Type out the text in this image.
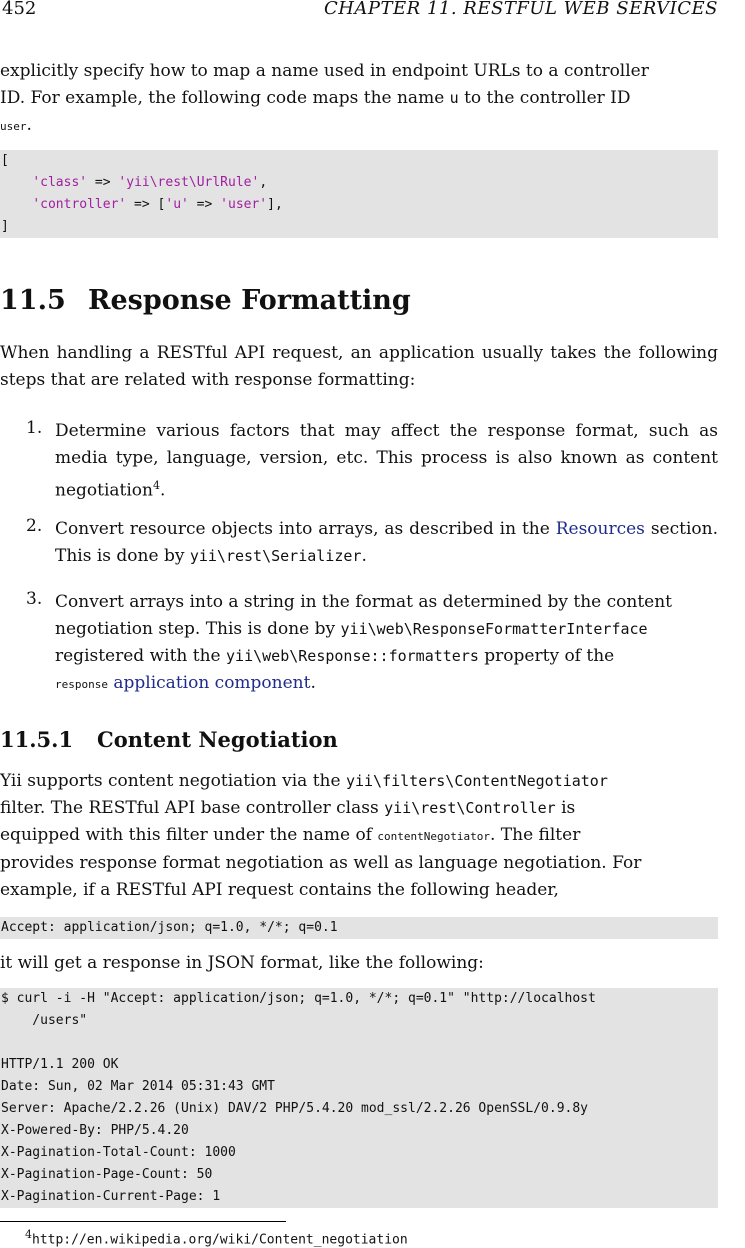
452	CHAPTER 11. RESTFUL WEB SERVICES

explicitly specify how to map a name used in endpoint URLs to a controller

ID. For example, the following code maps the name u to the controller ID

user.

[
'class' => 'yii\rest\UrlRule',
'controller' => ['u' => 'user'],
]
11.5 Response Formatting
When handling a RESTful API request, an application usually takes the following steps that are related with response formatting:
1. Determine various factors that may affect the response format, such as media type, language, version, etc. This process is also known as content negotiation$^4$.
2. Convert resource objects into arrays, as described in the Resources section. This is done by yii\rest\Serializer.
3. Convert arrays into a string in the format as determined by the content
negotiation step. This is done by yii\web\ResponseFormatterInterface
registered with the yii\web\Response::formatters property of the
response application component.
11.5.1 Content Negotiation

Yii supports content negotiation via the yii\filters\ContentNegotiator

filter. The RESTful API base controller class yii\rest\Controller is

equipped with this filter under the name of contentNegotiator. The filter

provides response format negotiation as well as language negotiation. For

example, if a RESTful API request contains the following header,

Accept: application/json; q=1.0, */*; q=0.1
it will get a response in JSON format, like the following:
$ curl -i -H "Accept: application/json; q=1.0, */*; q=0.1" "http://localhost
/users"
HTTP/1.1 200 OK
Date: Sun, 02 Mar 2014 05:31:43 GMT
Server: Apache/2.2.26 (Unix) DAV/2 PHP/5.4.20 mod_ssl/2.2.26 OpenSSL/0.9.8y
X-Powered-By: PHP/5.4.20
X-Pagination-Total-Count: 1000
X-Pagination-Page-Count: 50
X-Pagination-Current-Page: 1
$^4$http://en.wikipedia.org/wiki/Content_negotiation
